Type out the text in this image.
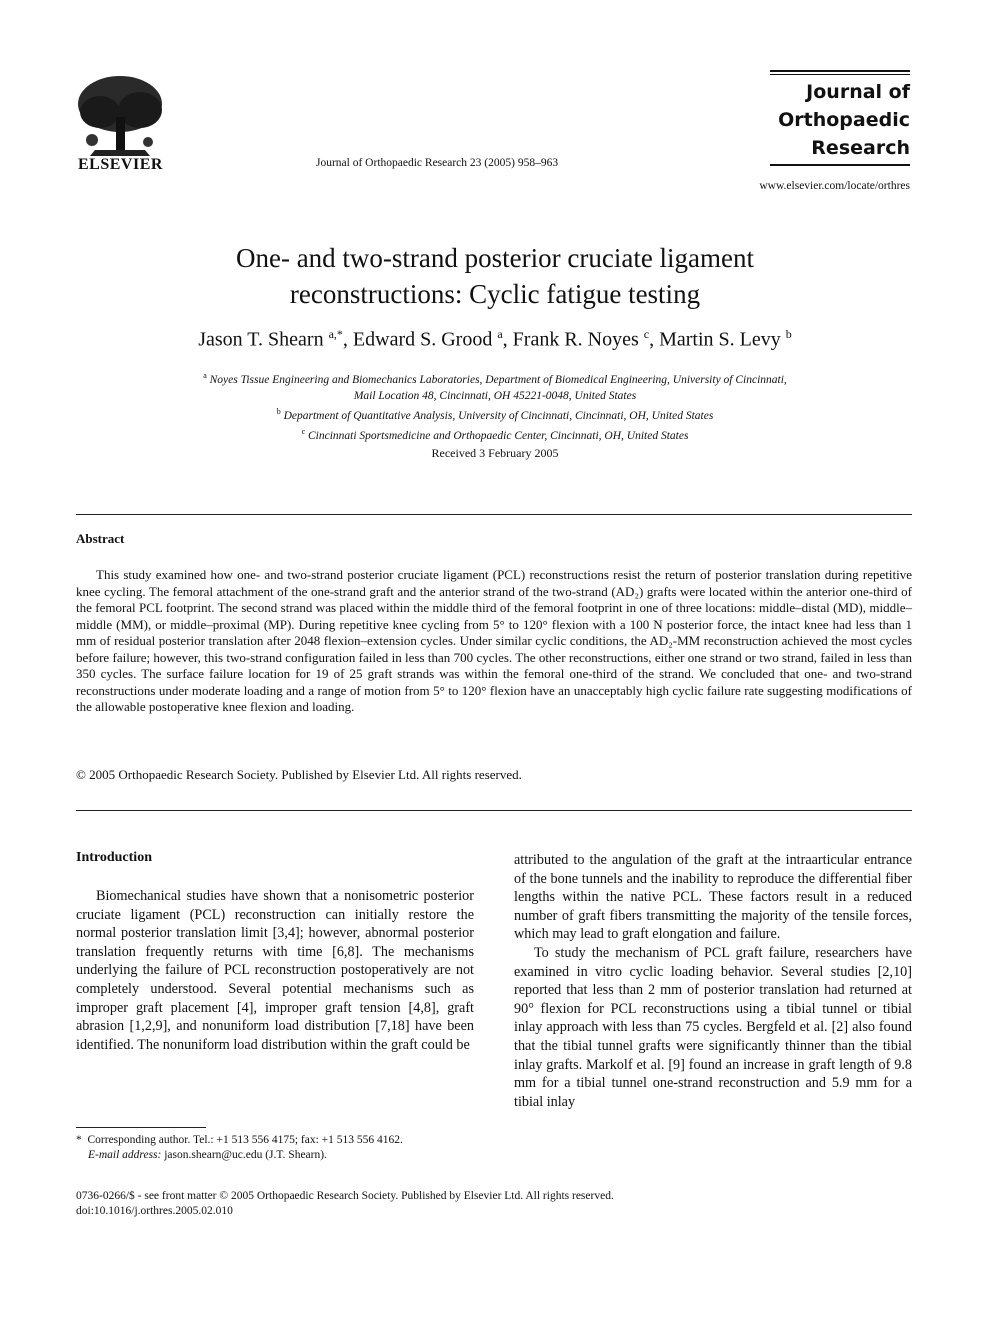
ELSEVIER	Journal of Orthopaedic Research 23 (2005) 958–963
Journal of
Orthopaedic
Research
www.elsevier.com/locate/orthres
One- and two-strand posterior cruciate ligament
reconstructions: Cyclic fatigue testing
Jason T. Shearn $^{a,*}$, Edward S. Grood $^a$, Frank R. Noyes $^c$, Martin S. Levy $^b$
$^a$ Noyes Tissue Engineering and Biomechanics Laboratories, Department of Biomedical Engineering, University of Cincinnati,
Mail Location 48, Cincinnati, OH 45221-0048, United States
$^b$ Department of Quantitative Analysis, University of Cincinnati, Cincinnati, OH, United States
$^c$ Cincinnati Sportsmedicine and Orthopaedic Center, Cincinnati, OH, United States
Received 3 February 2005
Abstract
This study examined how one- and two-strand posterior cruciate ligament (PCL) reconstructions resist the return of posterior translation during repetitive knee cycling. The femoral attachment of the one-strand graft and the anterior strand of the two-strand (AD₂) grafts were located within the anterior one-third of the femoral PCL footprint. The second strand was placed within the middle third of the femoral footprint in one of three locations: middle–distal (MD), middle–middle (MM), or middle–proximal (MP). During repetitive knee cycling from 5° to 120° flexion with a 100 N posterior force, the intact knee had less than 1 mm of residual posterior translation after 2048 flexion–extension cycles. Under similar cyclic conditions, the AD₂-MM reconstruction achieved the most cycles before failure; however, this two-strand configuration failed in less than 700 cycles. The other reconstructions, either one strand or two strand, failed in less than 350 cycles. The surface failure location for 19 of 25 graft strands was within the femoral one-third of the strand. We concluded that one- and two-strand reconstructions under moderate loading and a range of motion from 5° to 120° flexion have an unacceptably high cyclic failure rate suggesting modifications of the allowable postoperative knee flexion and loading.
© 2005 Orthopaedic Research Society. Published by Elsevier Ltd. All rights reserved.
Introduction
Biomechanical studies have shown that a nonisometric posterior cruciate ligament (PCL) reconstruction can initially restore the normal posterior translation limit [3,4]; however, abnormal posterior translation frequently returns with time [6,8]. The mechanisms underlying the failure of PCL reconstruction postoperatively are not completely understood. Several potential mechanisms such as improper graft placement [4], improper graft tension [4,8], graft abrasion [1,2,9], and nonuniform load distribution [7,18] have been identified. The nonuniform load distribution within the graft could be

attributed to the angulation of the graft at the intraarticular entrance of the bone tunnels and the inability to reproduce the differential fiber lengths within the native PCL. These factors result in a reduced number of graft fibers transmitting the majority of the tensile forces, which may lead to graft elongation and failure.

To study the mechanism of PCL graft failure, researchers have examined in vitro cyclic loading behavior. Several studies [2,10] reported that less than 2 mm of posterior translation had returned at 90° flexion for PCL reconstructions using a tibial tunnel or tibial inlay approach with less than 75 cycles. Bergfeld et al. [2] also found that the tibial tunnel grafts were significantly thinner than the tibial inlay grafts. Markolf et al. [9] found an increase in graft length of 9.8 mm for a tibial tunnel one-strand reconstruction and 5.9 mm for a tibial inlay

* Corresponding author. Tel.: +1 513 556 4175; fax: +1 513 556 4162.
E-mail address: jason.shearn@uc.edu (J.T. Shearn).
0736-0266/$ - see front matter © 2005 Orthopaedic Research Society. Published by Elsevier Ltd. All rights reserved.
doi:10.1016/j.orthres.2005.02.010
